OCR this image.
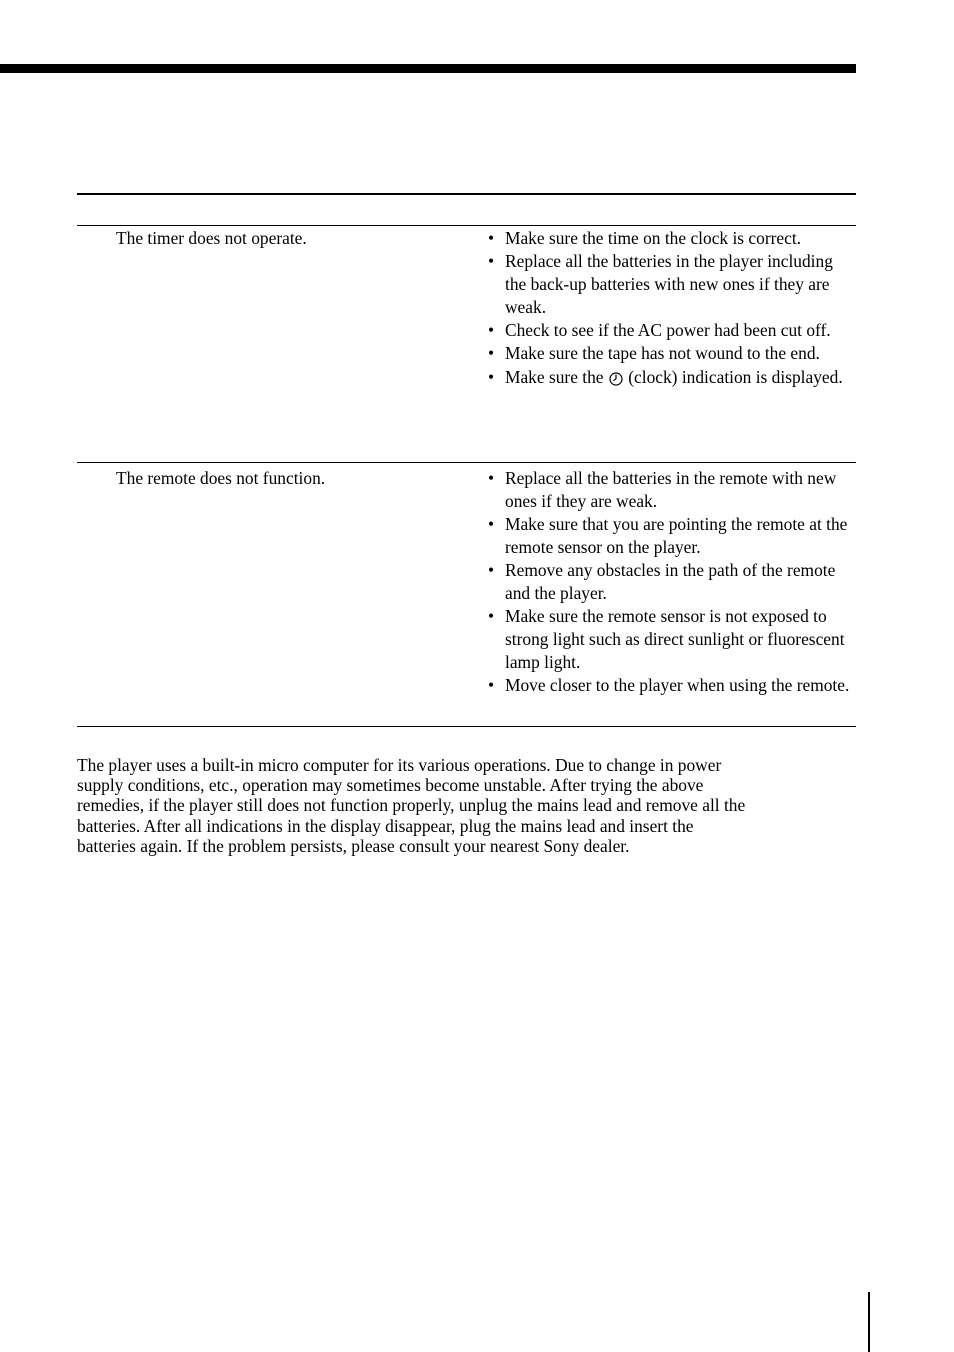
The timer does not operate.	• Make sure the time on the clock is correct.
• Replace all the batteries in the player including the back-up batteries with new ones if they are weak.
• Check to see if the AC power had been cut off.
• Make sure the tape has not wound to the end.
• Make sure the (clock) indication is displayed.
The remote does not function.	• Replace all the batteries in the remote with new ones if they are weak.
• Make sure that you are pointing the remote at the remote sensor on the player.
• Remove any obstacles in the path of the remote and the player.
• Make sure the remote sensor is not exposed to strong light such as direct sunlight or fluorescent lamp light.
• Move closer to the player when using the remote.

The player uses a built-in micro computer for its various operations. Due to change in power
supply conditions, etc., operation may sometimes become unstable. After trying the above
remedies, if the player still does not function properly, unplug the mains lead and remove all the
batteries. After all indications in the display disappear, plug the mains lead and insert the
batteries again. If the problem persists, please consult your nearest Sony dealer.
